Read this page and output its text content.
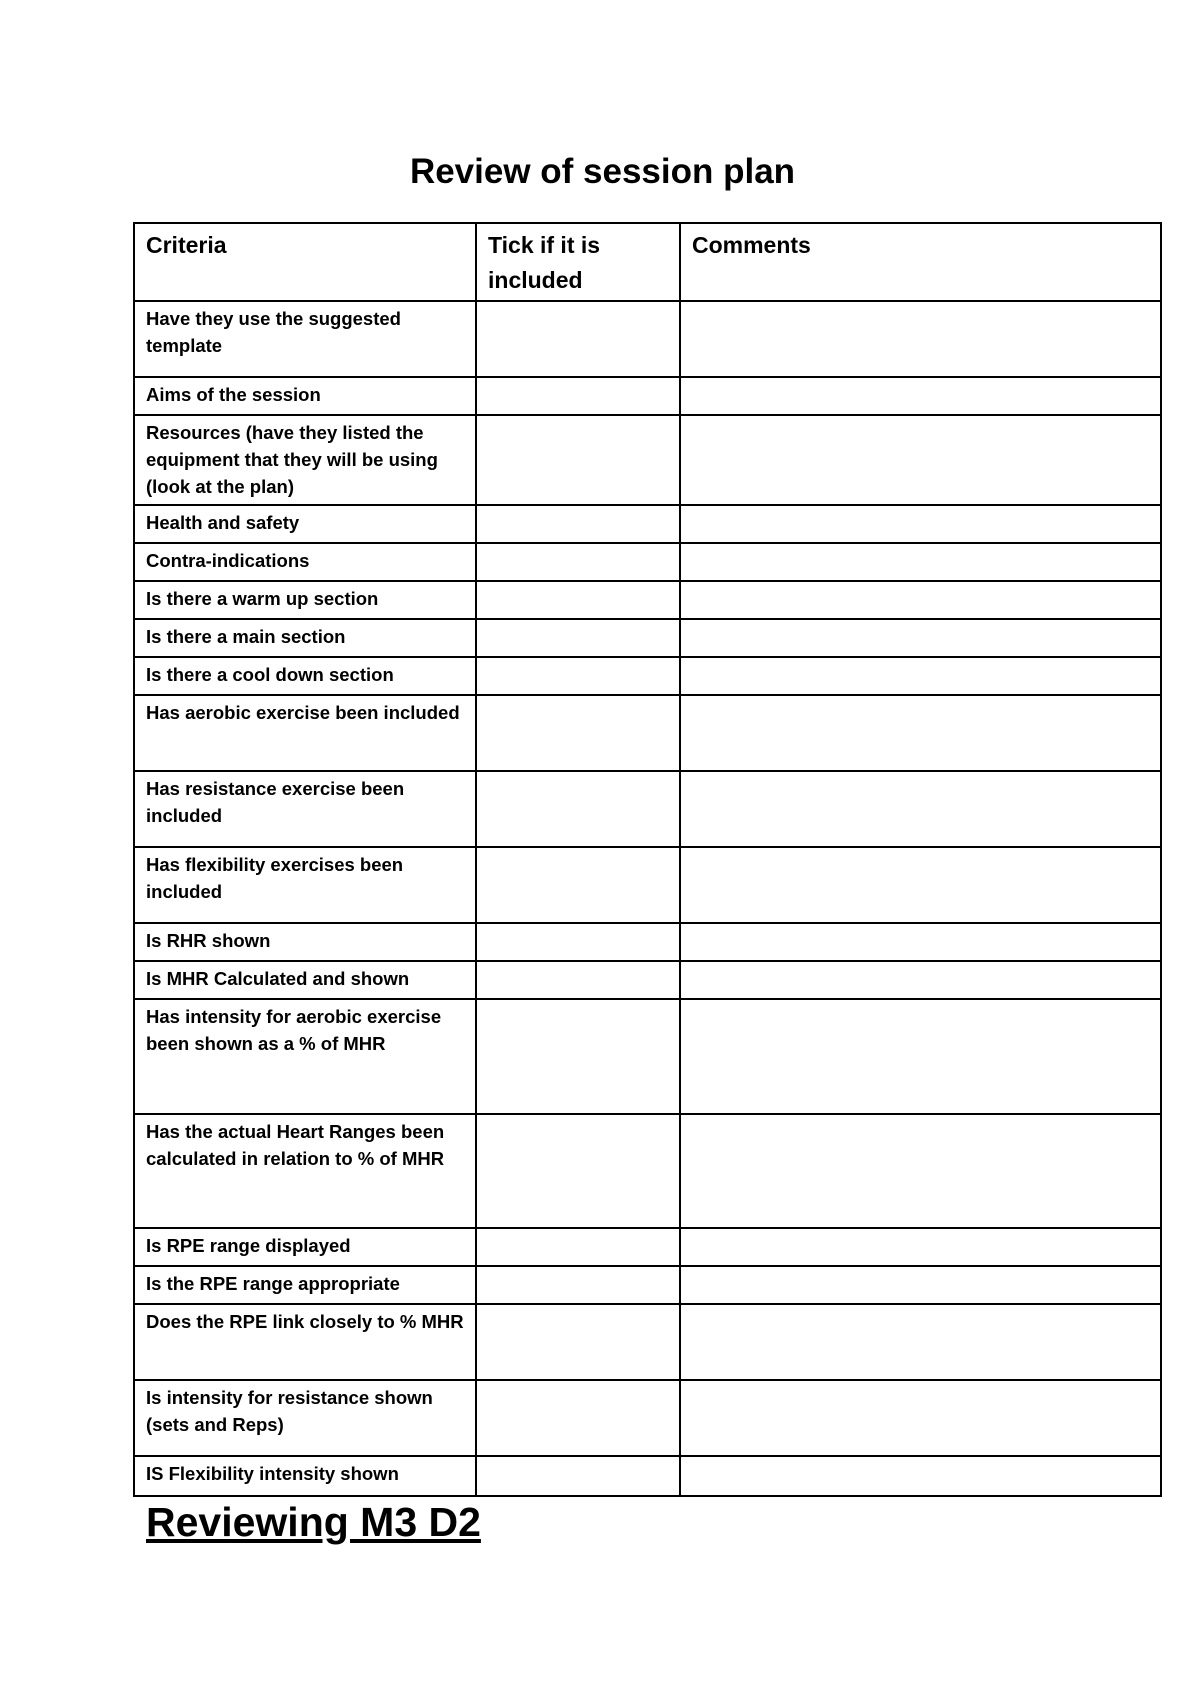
Review of session plan
Criteria	Tick if it is included	Comments
Have they use the suggested template		
Aims of the session		
Resources (have they listed the equipment that they will be using (look at the plan)		
Health and safety		
Contra-indications		
Is there a warm up section		
Is there a main section		
Is there a cool down section		
Has aerobic exercise been included		
Has resistance exercise been included		
Has flexibility exercises been included		
Is RHR shown		
Is MHR Calculated and shown		
Has intensity for aerobic exercise been shown as a % of MHR		
Has the actual Heart Ranges been calculated in relation to % of MHR		
Is RPE range displayed		
Is the RPE range appropriate		
Does the RPE link closely to % MHR		
Is intensity for resistance shown (sets and Reps)		
IS Flexibility intensity shown		
Reviewing M3 D2
